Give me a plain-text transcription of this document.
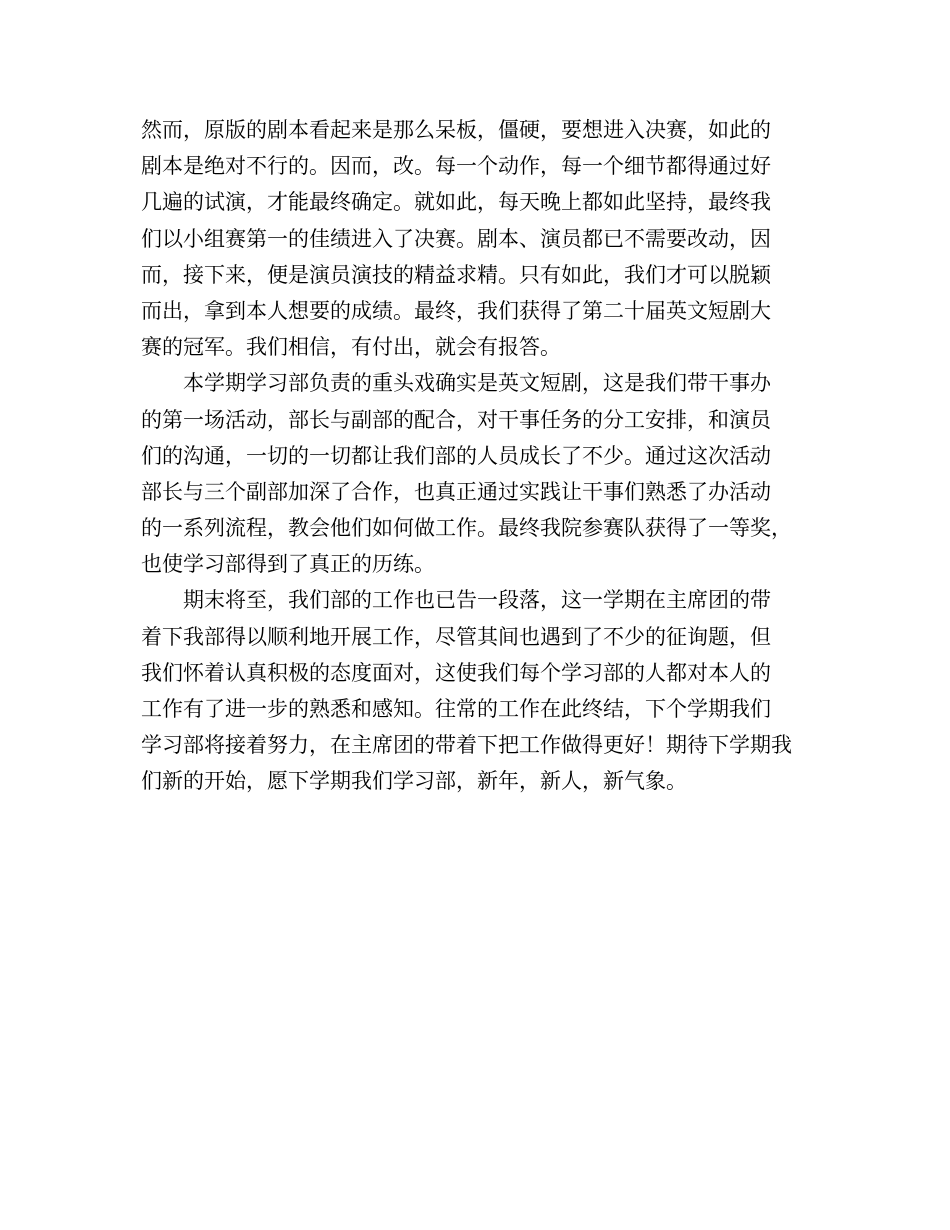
然而，原版的剧本看起来是那么呆板，僵硬，要想进入决赛，如此的
剧本是绝对不行的。因而，改。每一个动作，每一个细节都得通过好
几遍的试演，才能最终确定。就如此，每天晚上都如此坚持，最终我
们以小组赛第一的佳绩进入了决赛。剧本、演员都已不需要改动，因
而，接下来，便是演员演技的精益求精。只有如此，我们才可以脱颖
而出，拿到本人想要的成绩。最终，我们获得了第二十届英文短剧大
赛的冠军。我们相信，有付出，就会有报答。
本学期学习部负责的重头戏确实是英文短剧，这是我们带干事办
的第一场活动，部长与副部的配合，对干事任务的分工安排，和演员
们的沟通，一切的一切都让我们部的人员成长了不少。通过这次活动
部长与三个副部加深了合作，也真正通过实践让干事们熟悉了办活动
的一系列流程，教会他们如何做工作。最终我院参赛队获得了一等奖，
也使学习部得到了真正的历练。
期末将至，我们部的工作也已告一段落，这一学期在主席团的带
着下我部得以顺利地开展工作，尽管其间也遇到了不少的征询题，但
我们怀着认真积极的态度面对，这使我们每个学习部的人都对本人的
工作有了进一步的熟悉和感知。往常的工作在此终结，下个学期我们
学习部将接着努力，在主席团的带着下把工作做得更好！期待下学期我
们新的开始，愿下学期我们学习部，新年，新人，新气象。
